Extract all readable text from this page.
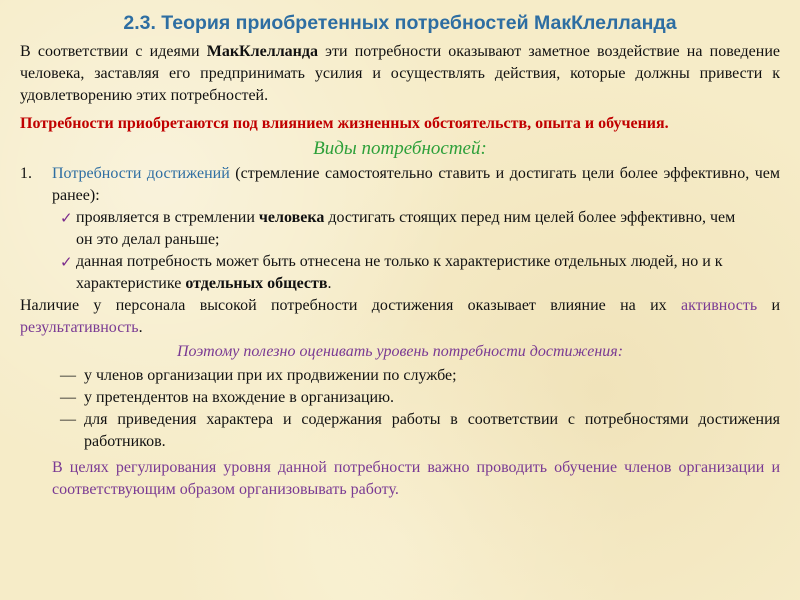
2.3. Теория приобретенных потребностей МакКлелланда

В соответствии с идеями МакКлелланда эти потребности оказывают заметное воздействие на поведение человека, заставляя его предпринимать усилия и осуществлять действия, которые должны привести к удовлетворению этих потребностей.

Потребности приобретаются под влиянием жизненных обстоятельств, опыта и обучения.

Виды потребностей:
1.	Потребности достижений (стремление самостоятельно ставить и достигать цели более эффективно, чем ранее):
✓ проявляется в стремлении человека достигать стоящих перед ним целей более эффективно, чем он это делал раньше;
✓ данная потребность может быть отнесена не только к характеристике отдельных людей, но и к характеристике отдельных обществ.

Наличие у персонала высокой потребности достижения оказывает влияние на их активность и результативность.

Поэтому полезно оценивать уровень потребности достижения:
— у членов организации при их продвижении по службе;
— у претендентов на вхождение в организацию.
— для приведения характера и содержания работы в соответствии с потребностями достижения работников.

В целях регулирования уровня данной потребности важно проводить обучение членов организации и соответствующим образом организовывать работу.
